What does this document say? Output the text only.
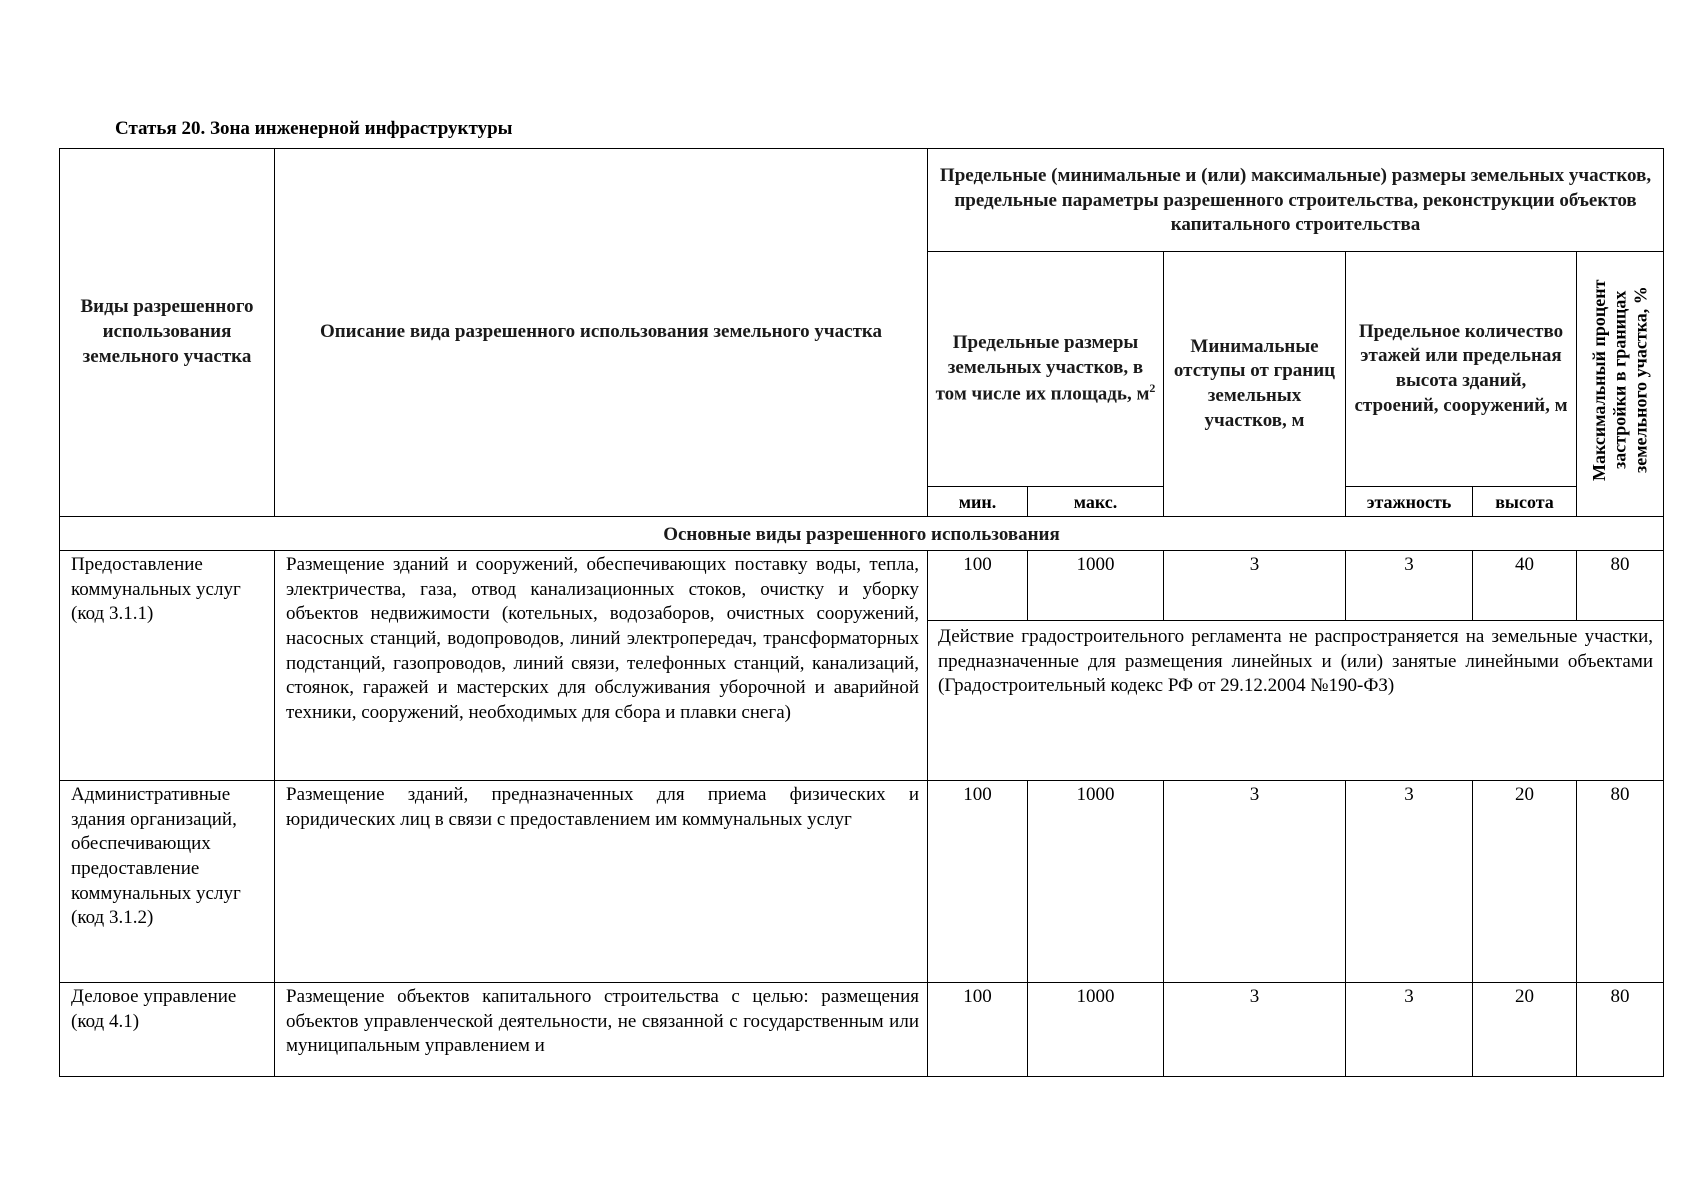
Статья 20. Зона инженерной инфраструктуры
Виды разрешенного использования земельного участка	Описание вида разрешенного использования земельного участка	Предельные (минимальные и (или) максимальные) размеры земельных участков, предельные параметры разрешенного строительства, реконструкции объектов капитального строительства					
		Предельные размеры земельных участков, в том числе их площадь, $м^2$		Минимальные отступы от границ земельных участков, м	Предельное количество этажей или предельная высота зданий, строений, сооружений, м		Максимальный процент застройки в границах земельного участка, %
		мин.	макс.		этажность	высота	
Основные виды разрешенного использования							
Предоставление коммунальных услуг (код 3.1.1)	Размещение зданий и сооружений, обеспечивающих поставку воды, тепла, электричества, газа, отвод канализационных стоков, очистку и уборку объектов недвижимости (котельных, водозаборов, очистных сооружений, насосных станций, водопроводов, линий электропередач, трансформаторных подстанций, газопроводов, линий связи, телефонных станций, канализаций, стоянок, гаражей и мастерских для обслуживания уборочной и аварийной техники, сооружений, необходимых для сбора и плавки снега)	100	1000	3	3	40	80
		Действие градостроительного регламента не распространяется на земельные участки, предназначенные для размещения линейных и (или) занятые линейными объектами (Градостроительный кодекс РФ от 29.12.2004 №190-ФЗ)					
Административные здания организаций, обеспечивающих предоставление коммунальных услуг (код 3.1.2)	Размещение зданий, предназначенных для приема физических и юридических лиц в связи с предоставлением им коммунальных услуг	100	1000	3	3	20	80
Деловое управление (код 4.1)	Размещение объектов капитального строительства с целью: размещения объектов управленческой деятельности, не связанной с государственным или муниципальным управлением и	100	1000	3	3	20	80
